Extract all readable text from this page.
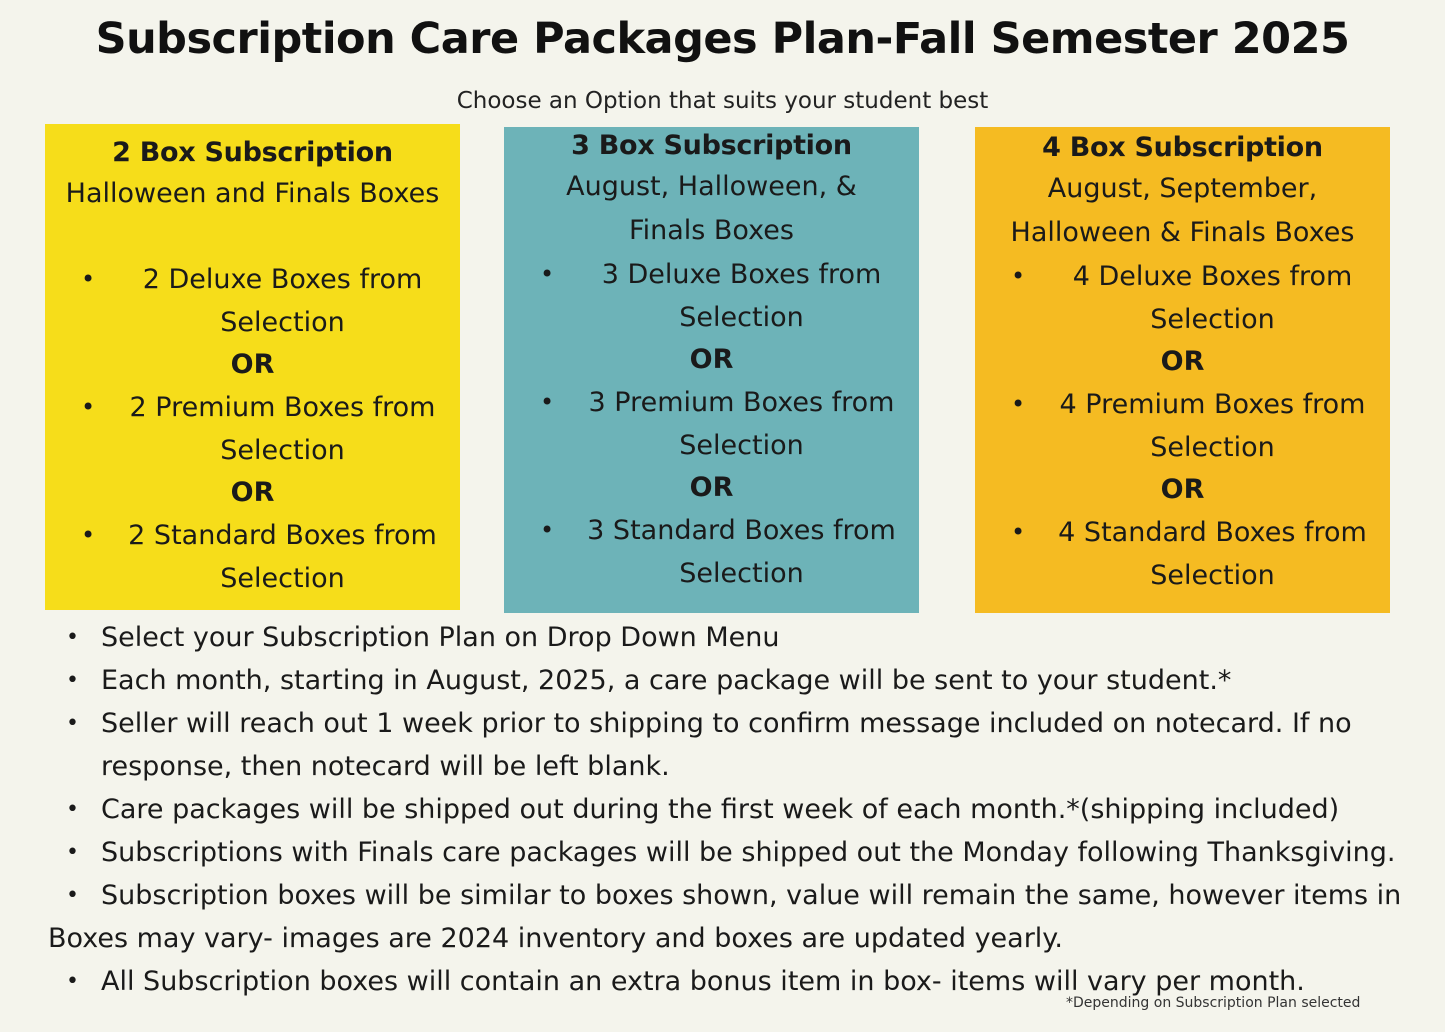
Subscription Care Packages Plan-Fall Semester 2025
Choose an Option that suits your student best
2 Box Subscription
Halloween and Finals Boxes
•	2 Deluxe Boxes from Selection
OR
•	2 Premium Boxes from Selection
OR
•	2 Standard Boxes from Selection
3 Box Subscription
August, Halloween, & Finals Boxes
•	3 Deluxe Boxes from Selection
OR
•	3 Premium Boxes from Selection
OR
•	3 Standard Boxes from Selection
4 Box Subscription
August, September, Halloween & Finals Boxes
•	4 Deluxe Boxes from Selection
OR
•	4 Premium Boxes from Selection
OR
•	4 Standard Boxes from Selection
• Select your Subscription Plan on Drop Down Menu
• Each month, starting in August, 2025, a care package will be sent to your student.*
• Seller will reach out 1 week prior to shipping to confirm message included on notecard. If no response, then notecard will be left blank.
• Care packages will be shipped out during the first week of each month.*(shipping included)
• Subscriptions with Finals care packages will be shipped out the Monday following Thanksgiving.
• Subscription boxes will be similar to boxes shown, value will remain the same, however items in Boxes may vary- images are 2024 inventory and boxes are updated yearly.
• All Subscription boxes will contain an extra bonus item in box- items will vary per month.
*Depending on Subscription Plan selected
